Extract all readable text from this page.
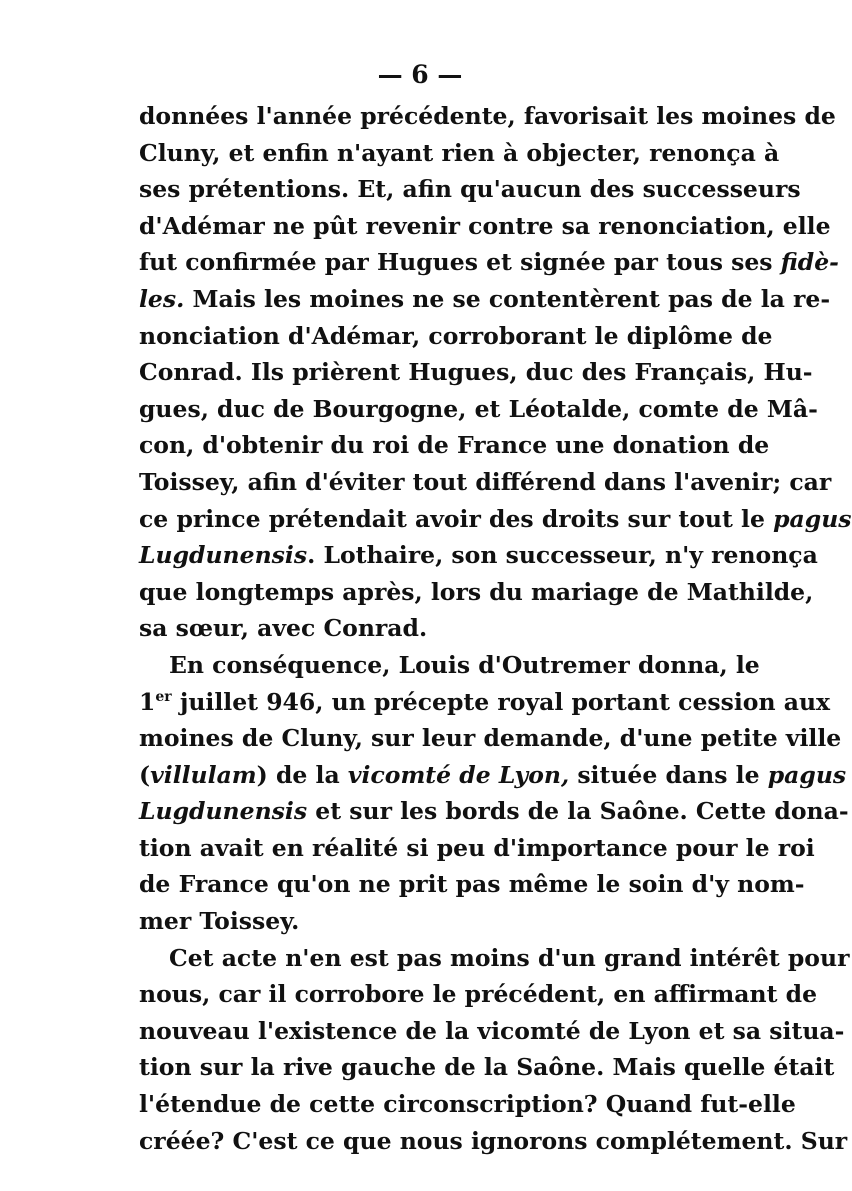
— 6 —
données l'année précédente, favorisait les moines de
Cluny, et enfin n'ayant rien à objecter, renonça à
ses prétentions. Et, afin qu'aucun des successeurs
d'Adémar ne pût revenir contre sa renonciation, elle
fut confirmée par Hugues et signée par tous ses fidè-
les. Mais les moines ne se contentèrent pas de la re-
nonciation d'Adémar, corroborant le diplôme de
Conrad. Ils prièrent Hugues, duc des Français, Hu-
gues, duc de Bourgogne, et Léotalde, comte de Mâ-
con, d'obtenir du roi de France une donation de
Toissey, afin d'éviter tout différend dans l'avenir; car
ce prince prétendait avoir des droits sur tout le pagus
Lugdunensis. Lothaire, son successeur, n'y renonça
que longtemps après, lors du mariage de Mathilde,
sa sœur, avec Conrad.
En conséquence, Louis d'Outremer donna, le
1er juillet 946, un précepte royal portant cession aux
moines de Cluny, sur leur demande, d'une petite ville
(villulam) de la vicomté de Lyon, située dans le pagus
Lugdunensis et sur les bords de la Saône. Cette dona-
tion avait en réalité si peu d'importance pour le roi
de France qu'on ne prit pas même le soin d'y nom-
mer Toissey.
Cet acte n'en est pas moins d'un grand intérêt pour
nous, car il corrobore le précédent, en affirmant de
nouveau l'existence de la vicomté de Lyon et sa situa-
tion sur la rive gauche de la Saône. Mais quelle était
l'étendue de cette circonscription? Quand fut-elle
créée? C'est ce que nous ignorons complétement. Sur
